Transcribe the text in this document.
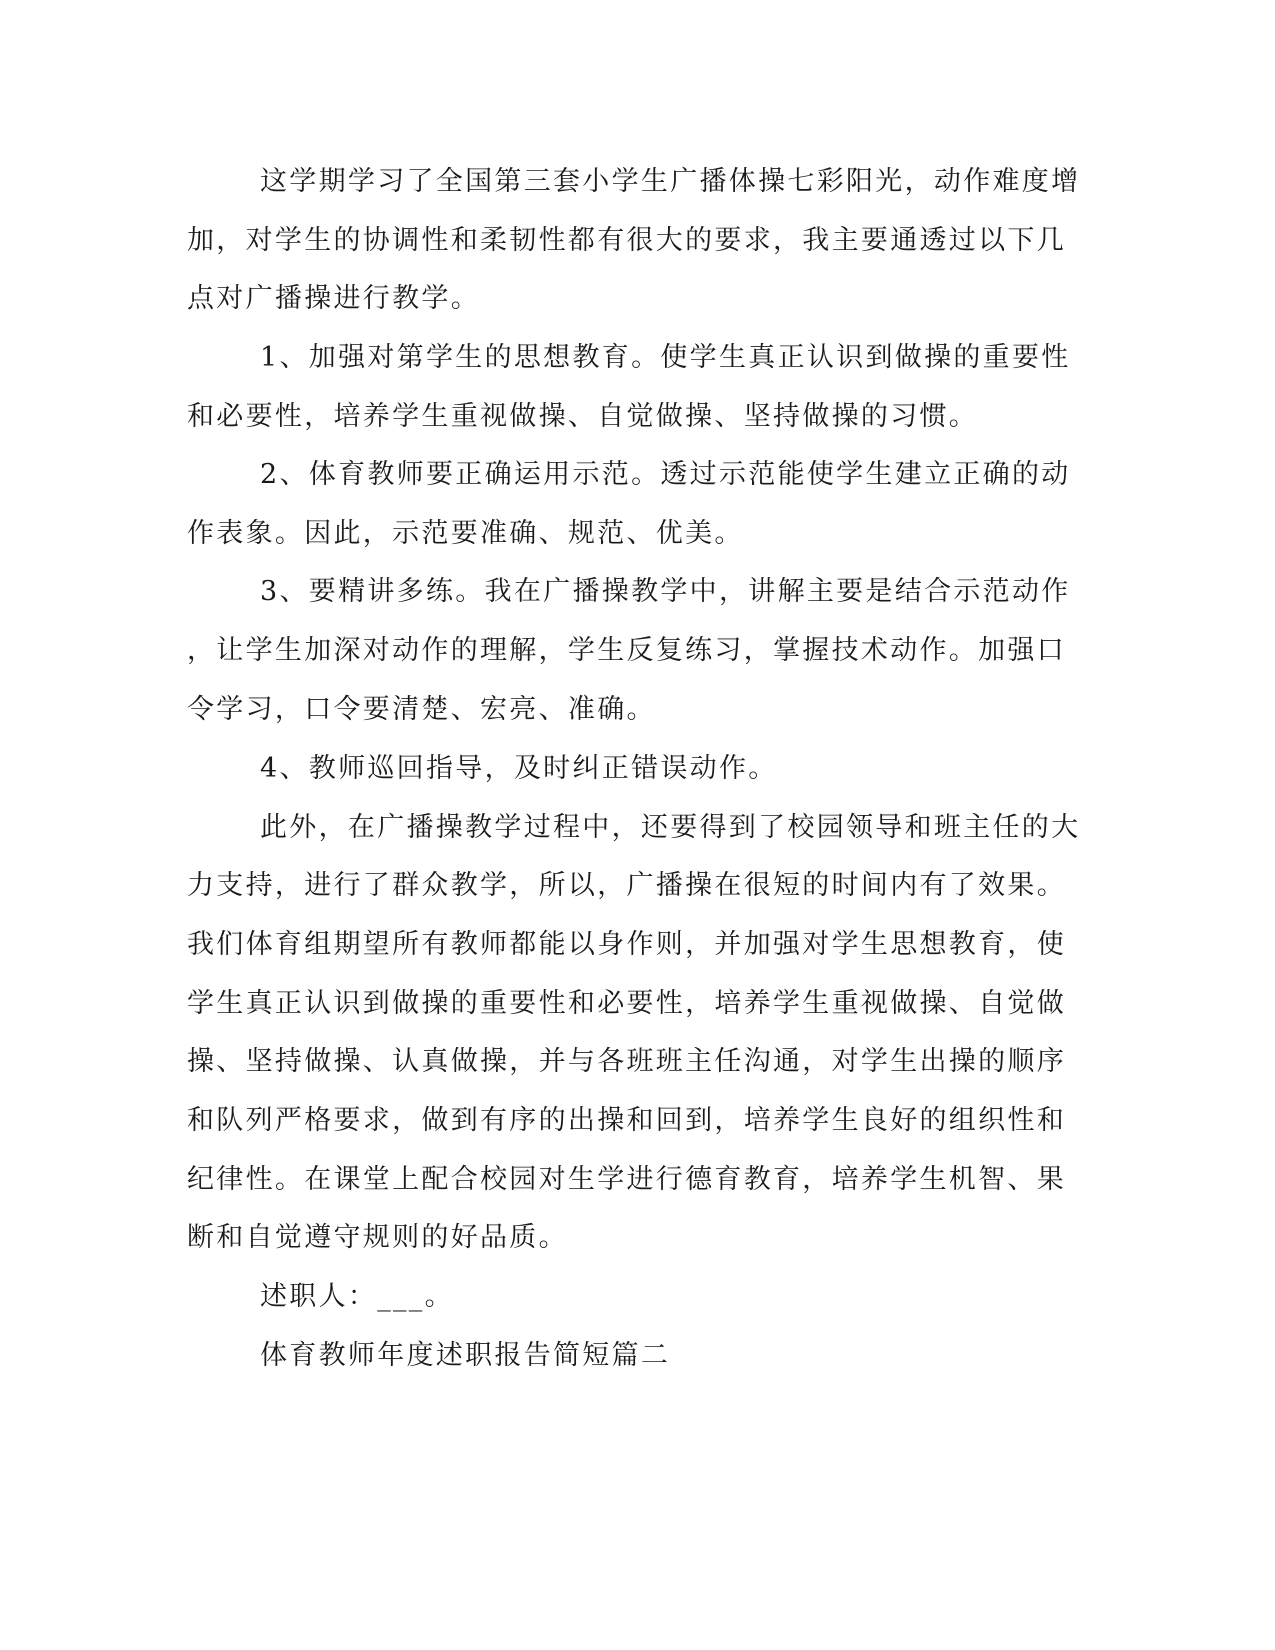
这学期学习了全国第三套小学生广播体操七彩阳光，动作难度增
加，对学生的协调性和柔韧性都有很大的要求，我主要通透过以下几
点对广播操进行教学。
1、加强对第学生的思想教育。使学生真正认识到做操的重要性
和必要性，培养学生重视做操、自觉做操、坚持做操的习惯。
2、体育教师要正确运用示范。透过示范能使学生建立正确的动
作表象。因此，示范要准确、规范、优美。
3、要精讲多练。我在广播操教学中，讲解主要是结合示范动作
，让学生加深对动作的理解，学生反复练习，掌握技术动作。加强口
令学习，口令要清楚、宏亮、准确。
4、教师巡回指导，及时纠正错误动作。
此外，在广播操教学过程中，还要得到了校园领导和班主任的大
力支持，进行了群众教学，所以，广播操在很短的时间内有了效果。
我们体育组期望所有教师都能以身作则，并加强对学生思想教育，使
学生真正认识到做操的重要性和必要性，培养学生重视做操、自觉做
操、坚持做操、认真做操，并与各班班主任沟通，对学生出操的顺序
和队列严格要求，做到有序的出操和回到，培养学生良好的组织性和
纪律性。在课堂上配合校园对生学进行德育教育，培养学生机智、果
断和自觉遵守规则的好品质。
述职人：___。
体育教师年度述职报告简短篇二
